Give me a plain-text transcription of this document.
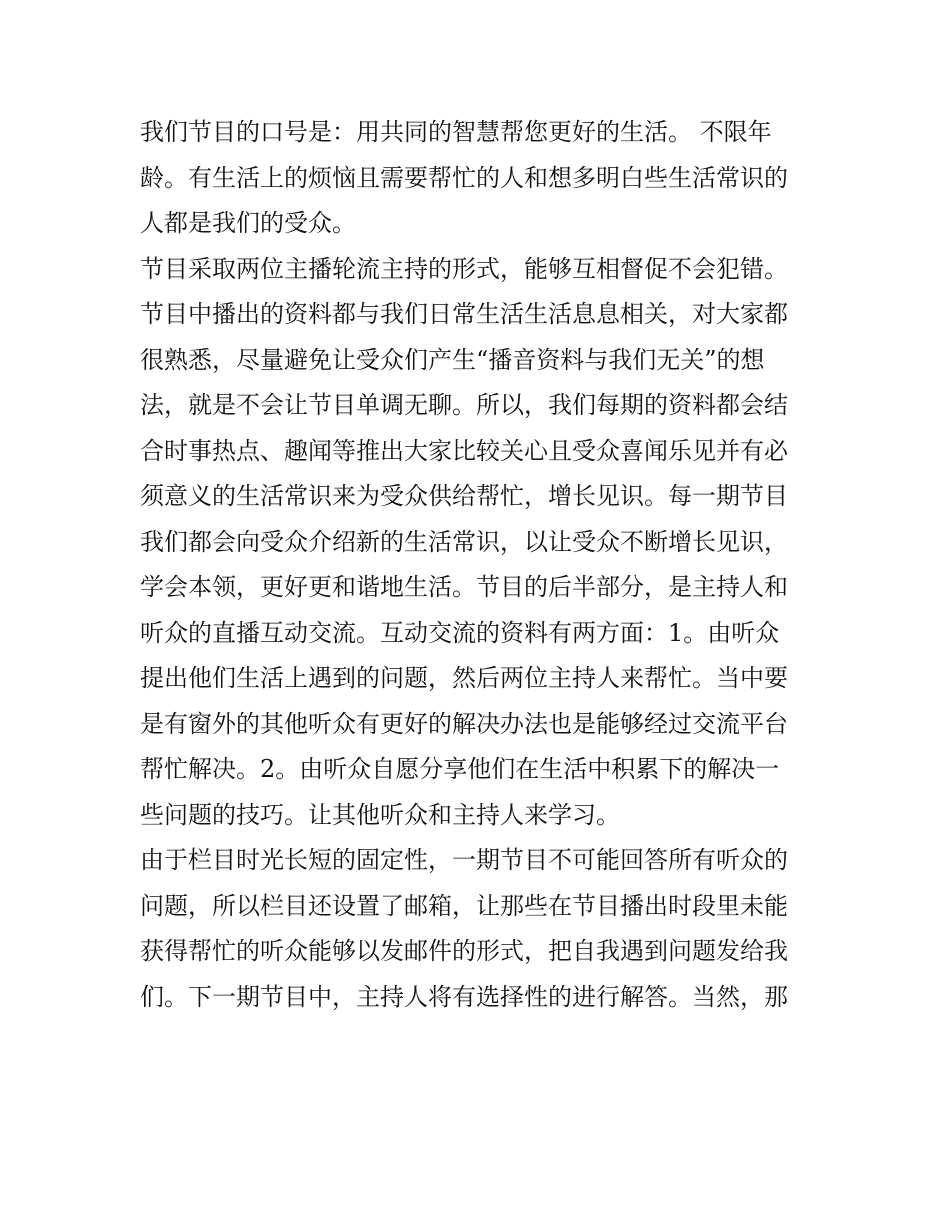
我们节目的口号是：用共同的智慧帮您更好的生活。 不限年
龄。有生活上的烦恼且需要帮忙的人和想多明白些生活常识的
人都是我们的受众。
节目采取两位主播轮流主持的形式，能够互相督促不会犯错。
节目中播出的资料都与我们日常生活生活息息相关，对大家都
很熟悉，尽量避免让受众们产生“播音资料与我们无关”的想
法，就是不会让节目单调无聊。所以，我们每期的资料都会结
合时事热点、趣闻等推出大家比较关心且受众喜闻乐见并有必
须意义的生活常识来为受众供给帮忙，增长见识。每一期节目
我们都会向受众介绍新的生活常识，以让受众不断增长见识，
学会本领，更好更和谐地生活。节目的后半部分，是主持人和
听众的直播互动交流。互动交流的资料有两方面：1。由听众
提出他们生活上遇到的问题，然后两位主持人来帮忙。当中要
是有窗外的其他听众有更好的解决办法也是能够经过交流平台
帮忙解决。2。由听众自愿分享他们在生活中积累下的解决一
些问题的技巧。让其他听众和主持人来学习。
由于栏目时光长短的固定性，一期节目不可能回答所有听众的
问题，所以栏目还设置了邮箱，让那些在节目播出时段里未能
获得帮忙的听众能够以发邮件的形式，把自我遇到问题发给我
们。下一期节目中，主持人将有选择性的进行解答。当然，那
